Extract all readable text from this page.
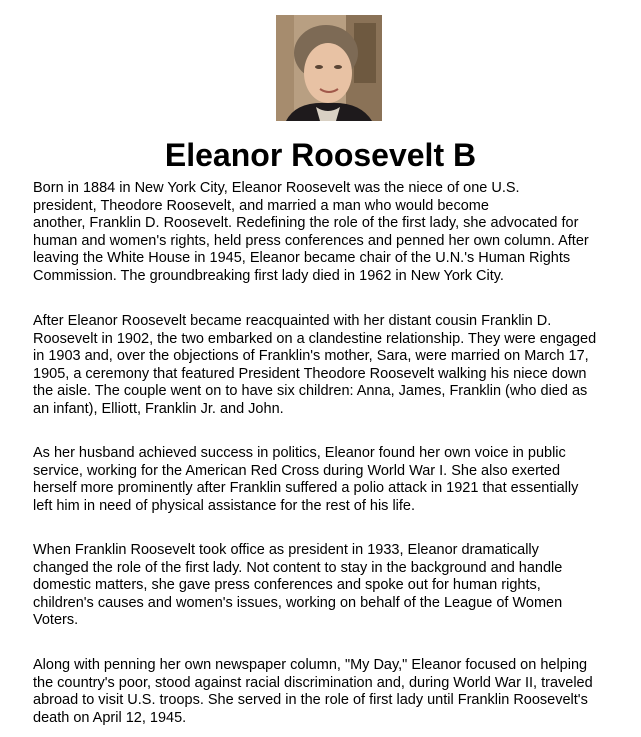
Eleanor Roosevelt B

Born in 1884 in New York City, Eleanor Roosevelt was the niece of one U.S.
president, Theodore Roosevelt, and married a man who would become
another, Franklin D. Roosevelt. Redefining the role of the first lady, she advocated for
human and women's rights, held press conferences and penned her own column. After
leaving the White House in 1945, Eleanor became chair of the U.N.'s Human Rights
Commission. The groundbreaking first lady died in 1962 in New York City.

After Eleanor Roosevelt became reacquainted with her distant cousin Franklin D.
Roosevelt in 1902, the two embarked on a clandestine relationship. They were engaged
in 1903 and, over the objections of Franklin's mother, Sara, were married on March 17,
1905, a ceremony that featured President Theodore Roosevelt walking his niece down
the aisle. The couple went on to have six children: Anna, James, Franklin (who died as
an infant), Elliott, Franklin Jr. and John.

As her husband achieved success in politics, Eleanor found her own voice in public
service, working for the American Red Cross during World War I. She also exerted
herself more prominently after Franklin suffered a polio attack in 1921 that essentially
left him in need of physical assistance for the rest of his life.

When Franklin Roosevelt took office as president in 1933, Eleanor dramatically
changed the role of the first lady. Not content to stay in the background and handle
domestic matters, she gave press conferences and spoke out for human rights,
children's causes and women's issues, working on behalf of the League of Women
Voters.

Along with penning her own newspaper column, "My Day," Eleanor focused on helping
the country's poor, stood against racial discrimination and, during World War II, traveled
abroad to visit U.S. troops. She served in the role of first lady until Franklin Roosevelt's
death on April 12, 1945.
